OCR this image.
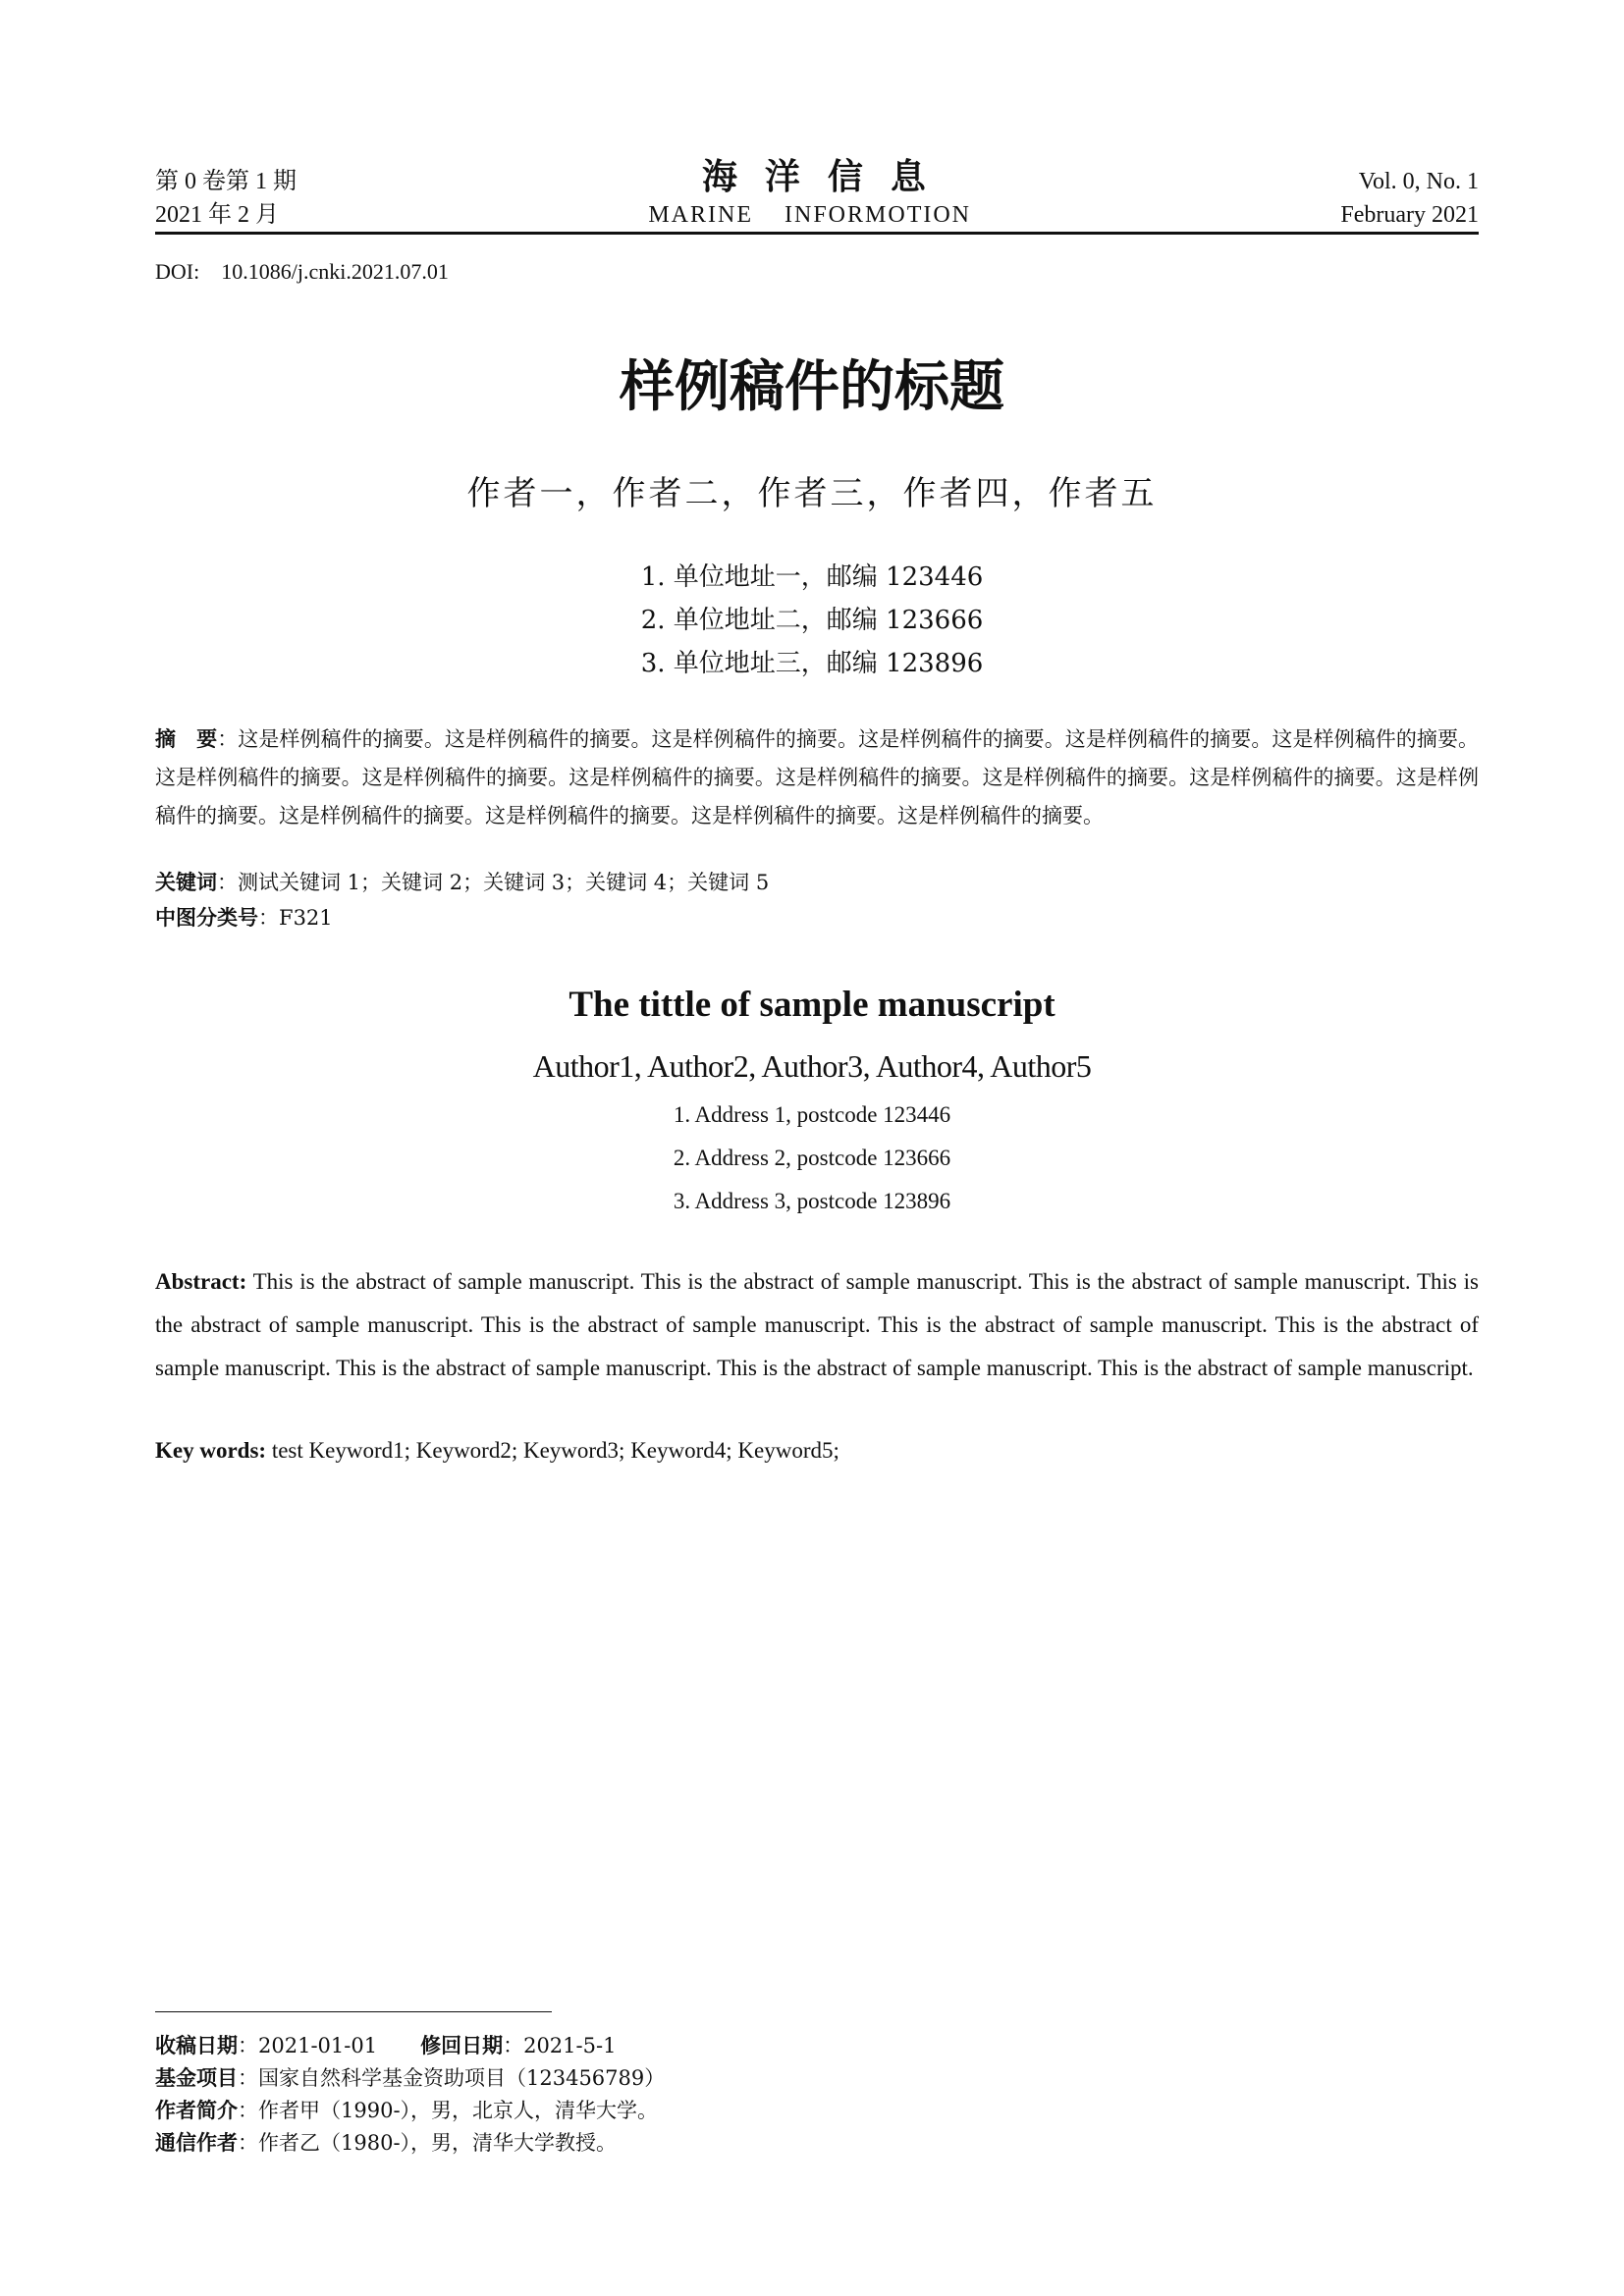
第 0 卷第 1 期	海洋信息	Vol. 0, No. 1
2021 年 2 月	MARINE    INFORMOTION	February 2021
DOI:    10.1086/j.cnki.2021.07.01
样例稿件的标题
作者一，作者二，作者三，作者四，作者五
1. 单位地址一，邮编 123446
2. 单位地址二，邮编 123666
3. 单位地址三，邮编 123896
摘　要：这是样例稿件的摘要。这是样例稿件的摘要。这是样例稿件的摘要。这是样例稿件的摘要。这是样例稿件的摘要。这是样例稿件的摘要。这是样例稿件的摘要。这是样例稿件的摘要。这是样例稿件的摘要。这是样例稿件的摘要。这是样例稿件的摘要。这是样例稿件的摘要。这是样例稿件的摘要。这是样例稿件的摘要。这是样例稿件的摘要。这是样例稿件的摘要。这是样例稿件的摘要。
关键词：测试关键词 1；关键词 2；关键词 3；关键词 4；关键词 5
中图分类号：F321
The tittle of sample manuscript
Author1, Author2, Author3, Author4, Author5
1. Address 1, postcode 123446
2. Address 2, postcode 123666
3. Address 3, postcode 123896
Abstract: This is the abstract of sample manuscript. This is the abstract of sample manuscript. This is the abstract of sample manuscript. This is the abstract of sample manuscript. This is the abstract of sample manuscript. This is the abstract of sample manuscript. This is the abstract of sample manuscript. This is the abstract of sample manuscript. This is the abstract of sample manuscript. This is the abstract of sample manuscript.
Key words: test Keyword1; Keyword2; Keyword3; Keyword4; Keyword5;
收稿日期：2021-01-01 修回日期：2021-5-1
基金项目：国家自然科学基金资助项目（123456789）
作者简介：作者甲（1990-），男，北京人，清华大学。
通信作者：作者乙（1980-），男，清华大学教授。
